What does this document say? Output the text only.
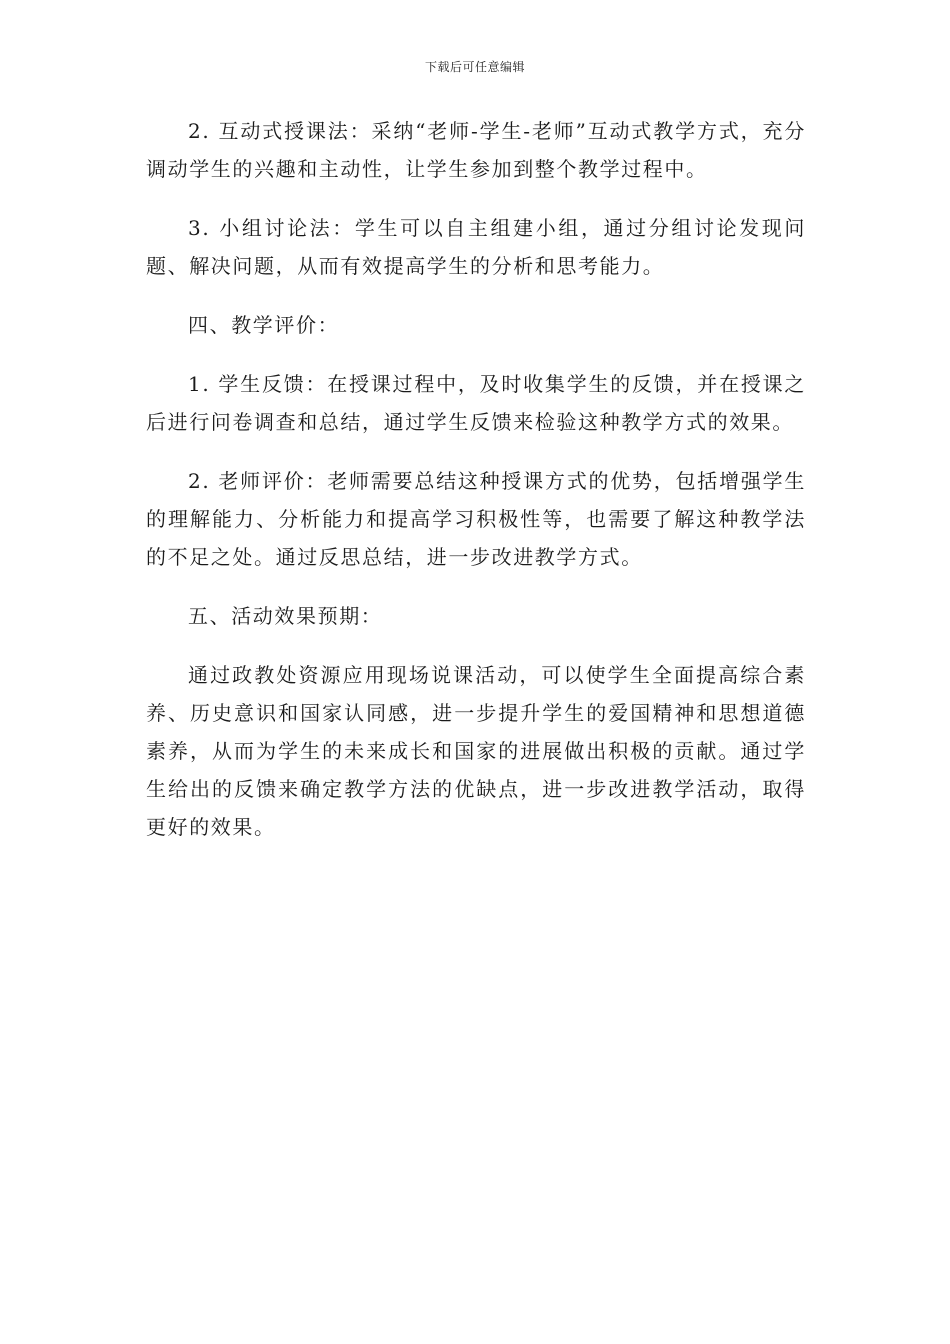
下载后可任意编辑

2. 互动式授课法：采纳“老师-学生-老师”互动式教学方式，充分调动学生的兴趣和主动性，让学生参加到整个教学过程中。

3. 小组讨论法：学生可以自主组建小组，通过分组讨论发现问题、解决问题，从而有效提高学生的分析和思考能力。

四、教学评价：

1. 学生反馈：在授课过程中，及时收集学生的反馈，并在授课之后进行问卷调查和总结，通过学生反馈来检验这种教学方式的效果。

2. 老师评价：老师需要总结这种授课方式的优势，包括增强学生的理解能力、分析能力和提高学习积极性等，也需要了解这种教学法的不足之处。通过反思总结，进一步改进教学方式。

五、活动效果预期：

通过政教处资源应用现场说课活动，可以使学生全面提高综合素养、历史意识和国家认同感，进一步提升学生的爱国精神和思想道德素养，从而为学生的未来成长和国家的进展做出积极的贡献。通过学生给出的反馈来确定教学方法的优缺点，进一步改进教学活动，取得更好的效果。
